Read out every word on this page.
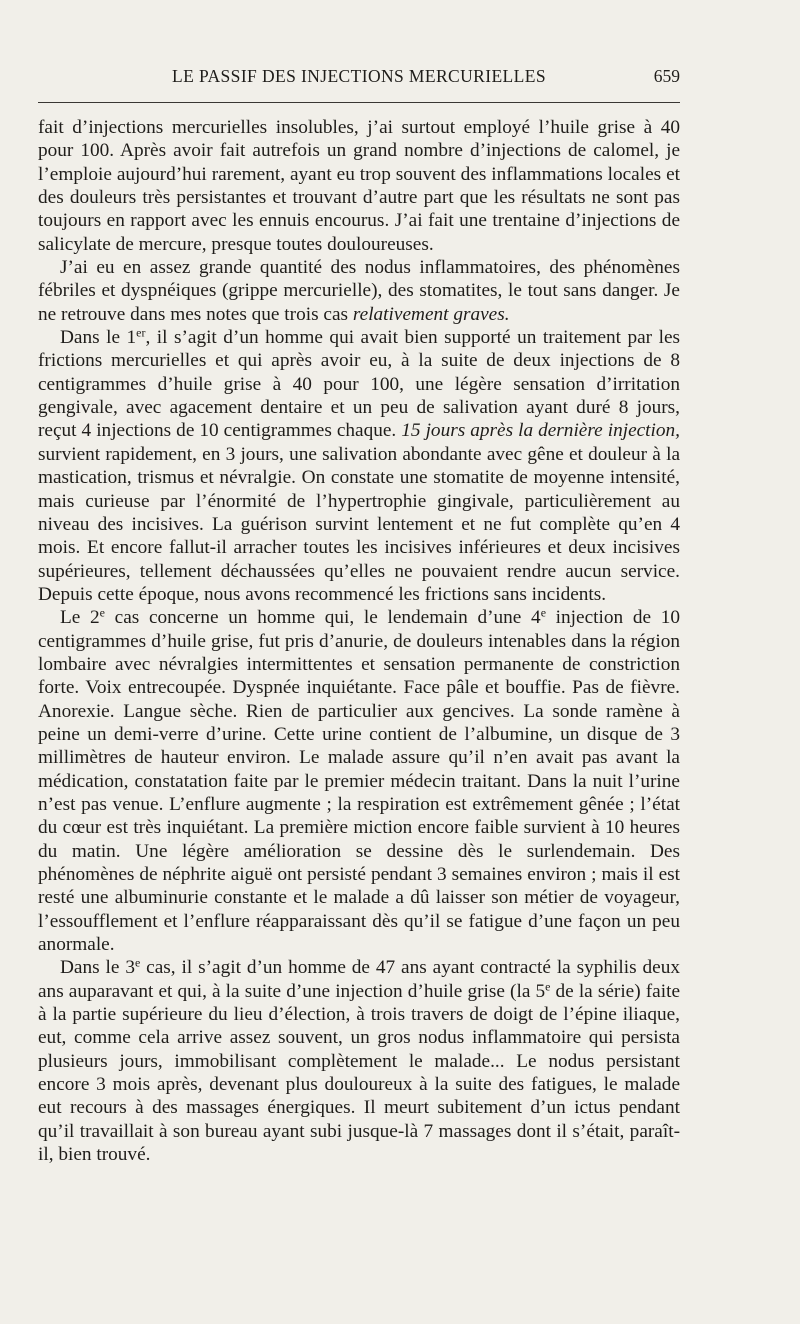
LE PASSIF DES INJECTIONS MERCURIELLES	659

fait d’injections mercurielles insolubles, j’ai surtout employé l’huile grise à 40 pour 100. Après avoir fait autrefois un grand nombre d’injections de calomel, je l’emploie aujourd’hui rarement, ayant eu trop souvent des inflammations locales et des douleurs très persistantes et trouvant d’autre part que les résultats ne sont pas toujours en rapport avec les ennuis encourus. J’ai fait une trentaine d’injections de salicylate de mercure, presque toutes douloureuses.

J’ai eu en assez grande quantité des nodus inflammatoires, des phénomènes fébriles et dyspnéiques (grippe mercurielle), des stomatites, le tout sans danger. Je ne retrouve dans mes notes que trois cas relativement graves.

Dans le 1er, il s’agit d’un homme qui avait bien supporté un traitement par les frictions mercurielles et qui après avoir eu, à la suite de deux injections de 8 centigrammes d’huile grise à 40 pour 100, une légère sensation d’irritation gengivale, avec agacement dentaire et un peu de salivation ayant duré 8 jours, reçut 4 injections de 10 centigrammes chaque. 15 jours après la dernière injection, survient rapidement, en 3 jours, une salivation abondante avec gêne et douleur à la mastication, trismus et névralgie. On constate une stomatite de moyenne intensité, mais curieuse par l’énormité de l’hypertrophie gingivale, particulièrement au niveau des incisives. La guérison survint lentement et ne fut complète qu’en 4 mois. Et encore fallut-il arracher toutes les incisives inférieures et deux incisives supérieures, tellement déchaussées qu’elles ne pouvaient rendre aucun service. Depuis cette époque, nous avons recommencé les frictions sans incidents.

Le 2e cas concerne un homme qui, le lendemain d’une 4e injection de 10 centigrammes d’huile grise, fut pris d’anurie, de douleurs intenables dans la région lombaire avec névralgies intermittentes et sensation permanente de constriction forte. Voix entrecoupée. Dyspnée inquiétante. Face pâle et bouffie. Pas de fièvre. Anorexie. Langue sèche. Rien de particulier aux gencives. La sonde ramène à peine un demi-verre d’urine. Cette urine contient de l’albumine, un disque de 3 millimètres de hauteur environ. Le malade assure qu’il n’en avait pas avant la médication, constatation faite par le premier médecin traitant. Dans la nuit l’urine n’est pas venue. L’enflure augmente ; la respiration est extrêmement gênée ; l’état du cœur est très inquiétant. La première miction encore faible survient à 10 heures du matin. Une légère amélioration se dessine dès le surlendemain. Des phénomènes de néphrite aiguë ont persisté pendant 3 semaines environ ; mais il est resté une albuminurie constante et le malade a dû laisser son métier de voyageur, l’essoufflement et l’enflure réapparaissant dès qu’il se fatigue d’une façon un peu anormale.

Dans le 3e cas, il s’agit d’un homme de 47 ans ayant contracté la syphilis deux ans auparavant et qui, à la suite d’une injection d’huile grise (la 5e de la série) faite à la partie supérieure du lieu d’élection, à trois travers de doigt de l’épine iliaque, eut, comme cela arrive assez souvent, un gros nodus inflammatoire qui persista plusieurs jours, immobilisant complètement le malade... Le nodus persistant encore 3 mois après, devenant plus douloureux à la suite des fatigues, le malade eut recours à des massages énergiques. Il meurt subitement d’un ictus pendant qu’il travaillait à son bureau ayant subi jusque-là 7 massages dont il s’était, paraît-il, bien trouvé.
